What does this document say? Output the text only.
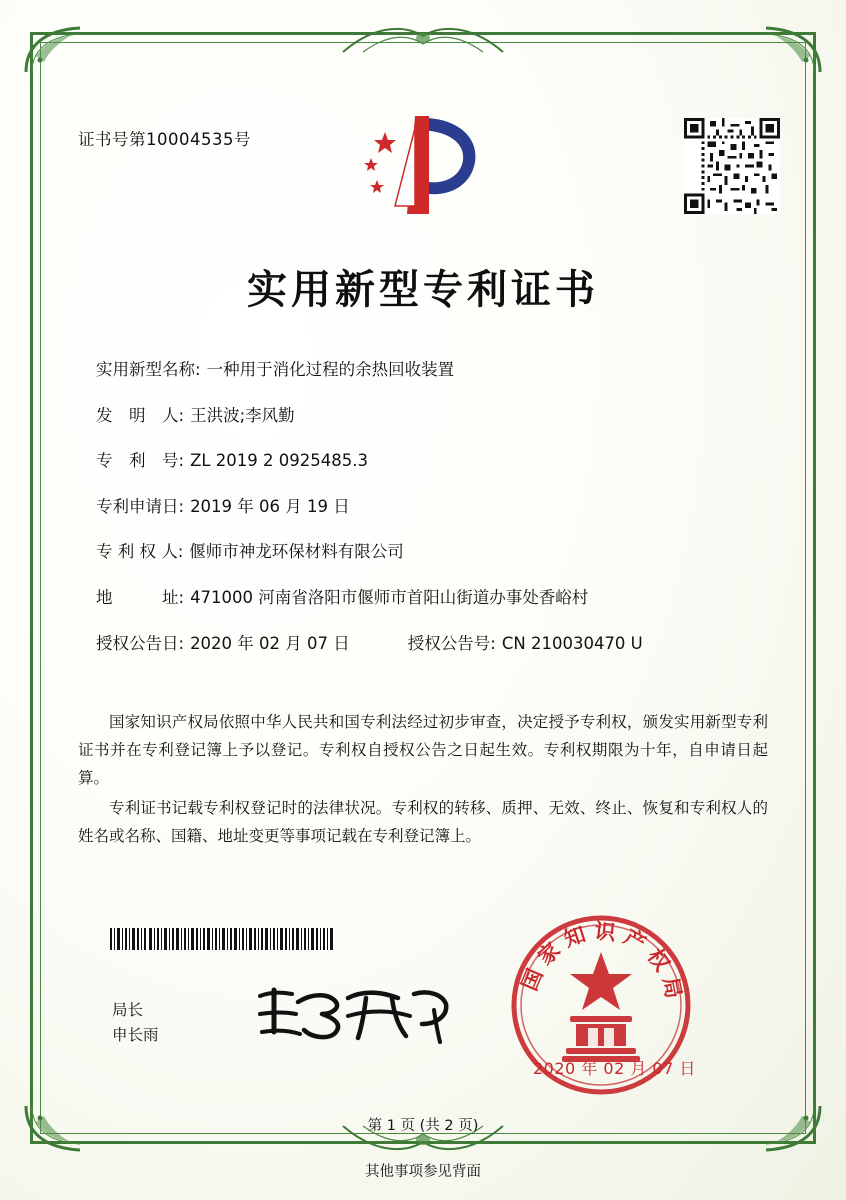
证书号第10004535号
实用新型专利证书
实用新型名称: 一种用于消化过程的余热回收装置
发　明　人: 王洪波;李风勤
专　利　号: ZL 2019 2 0925485.3
专利申请日: 2019 年 06 月 19 日
专 利 权 人: 偃师市神龙环保材料有限公司
地　　　址: 471000 河南省洛阳市偃师市首阳山街道办事处香峪村
授权公告日: 2020 年 02 月 07 日	授权公告号: CN 210030470 U

国家知识产权局依照中华人民共和国专利法经过初步审查，决定授予专利权，颁发实用新型专利证书并在专利登记簿上予以登记。专利权自授权公告之日起生效。专利权期限为十年，自申请日起算。

专利证书记载专利权登记时的法律状况。专利权的转移、质押、无效、终止、恢复和专利权人的姓名或名称、国籍、地址变更等事项记载在专利登记簿上。

局长
申长雨
国家知识产权局
2020 年 02 月 07 日
第 1 页 (共 2 页)
其他事项参见背面
